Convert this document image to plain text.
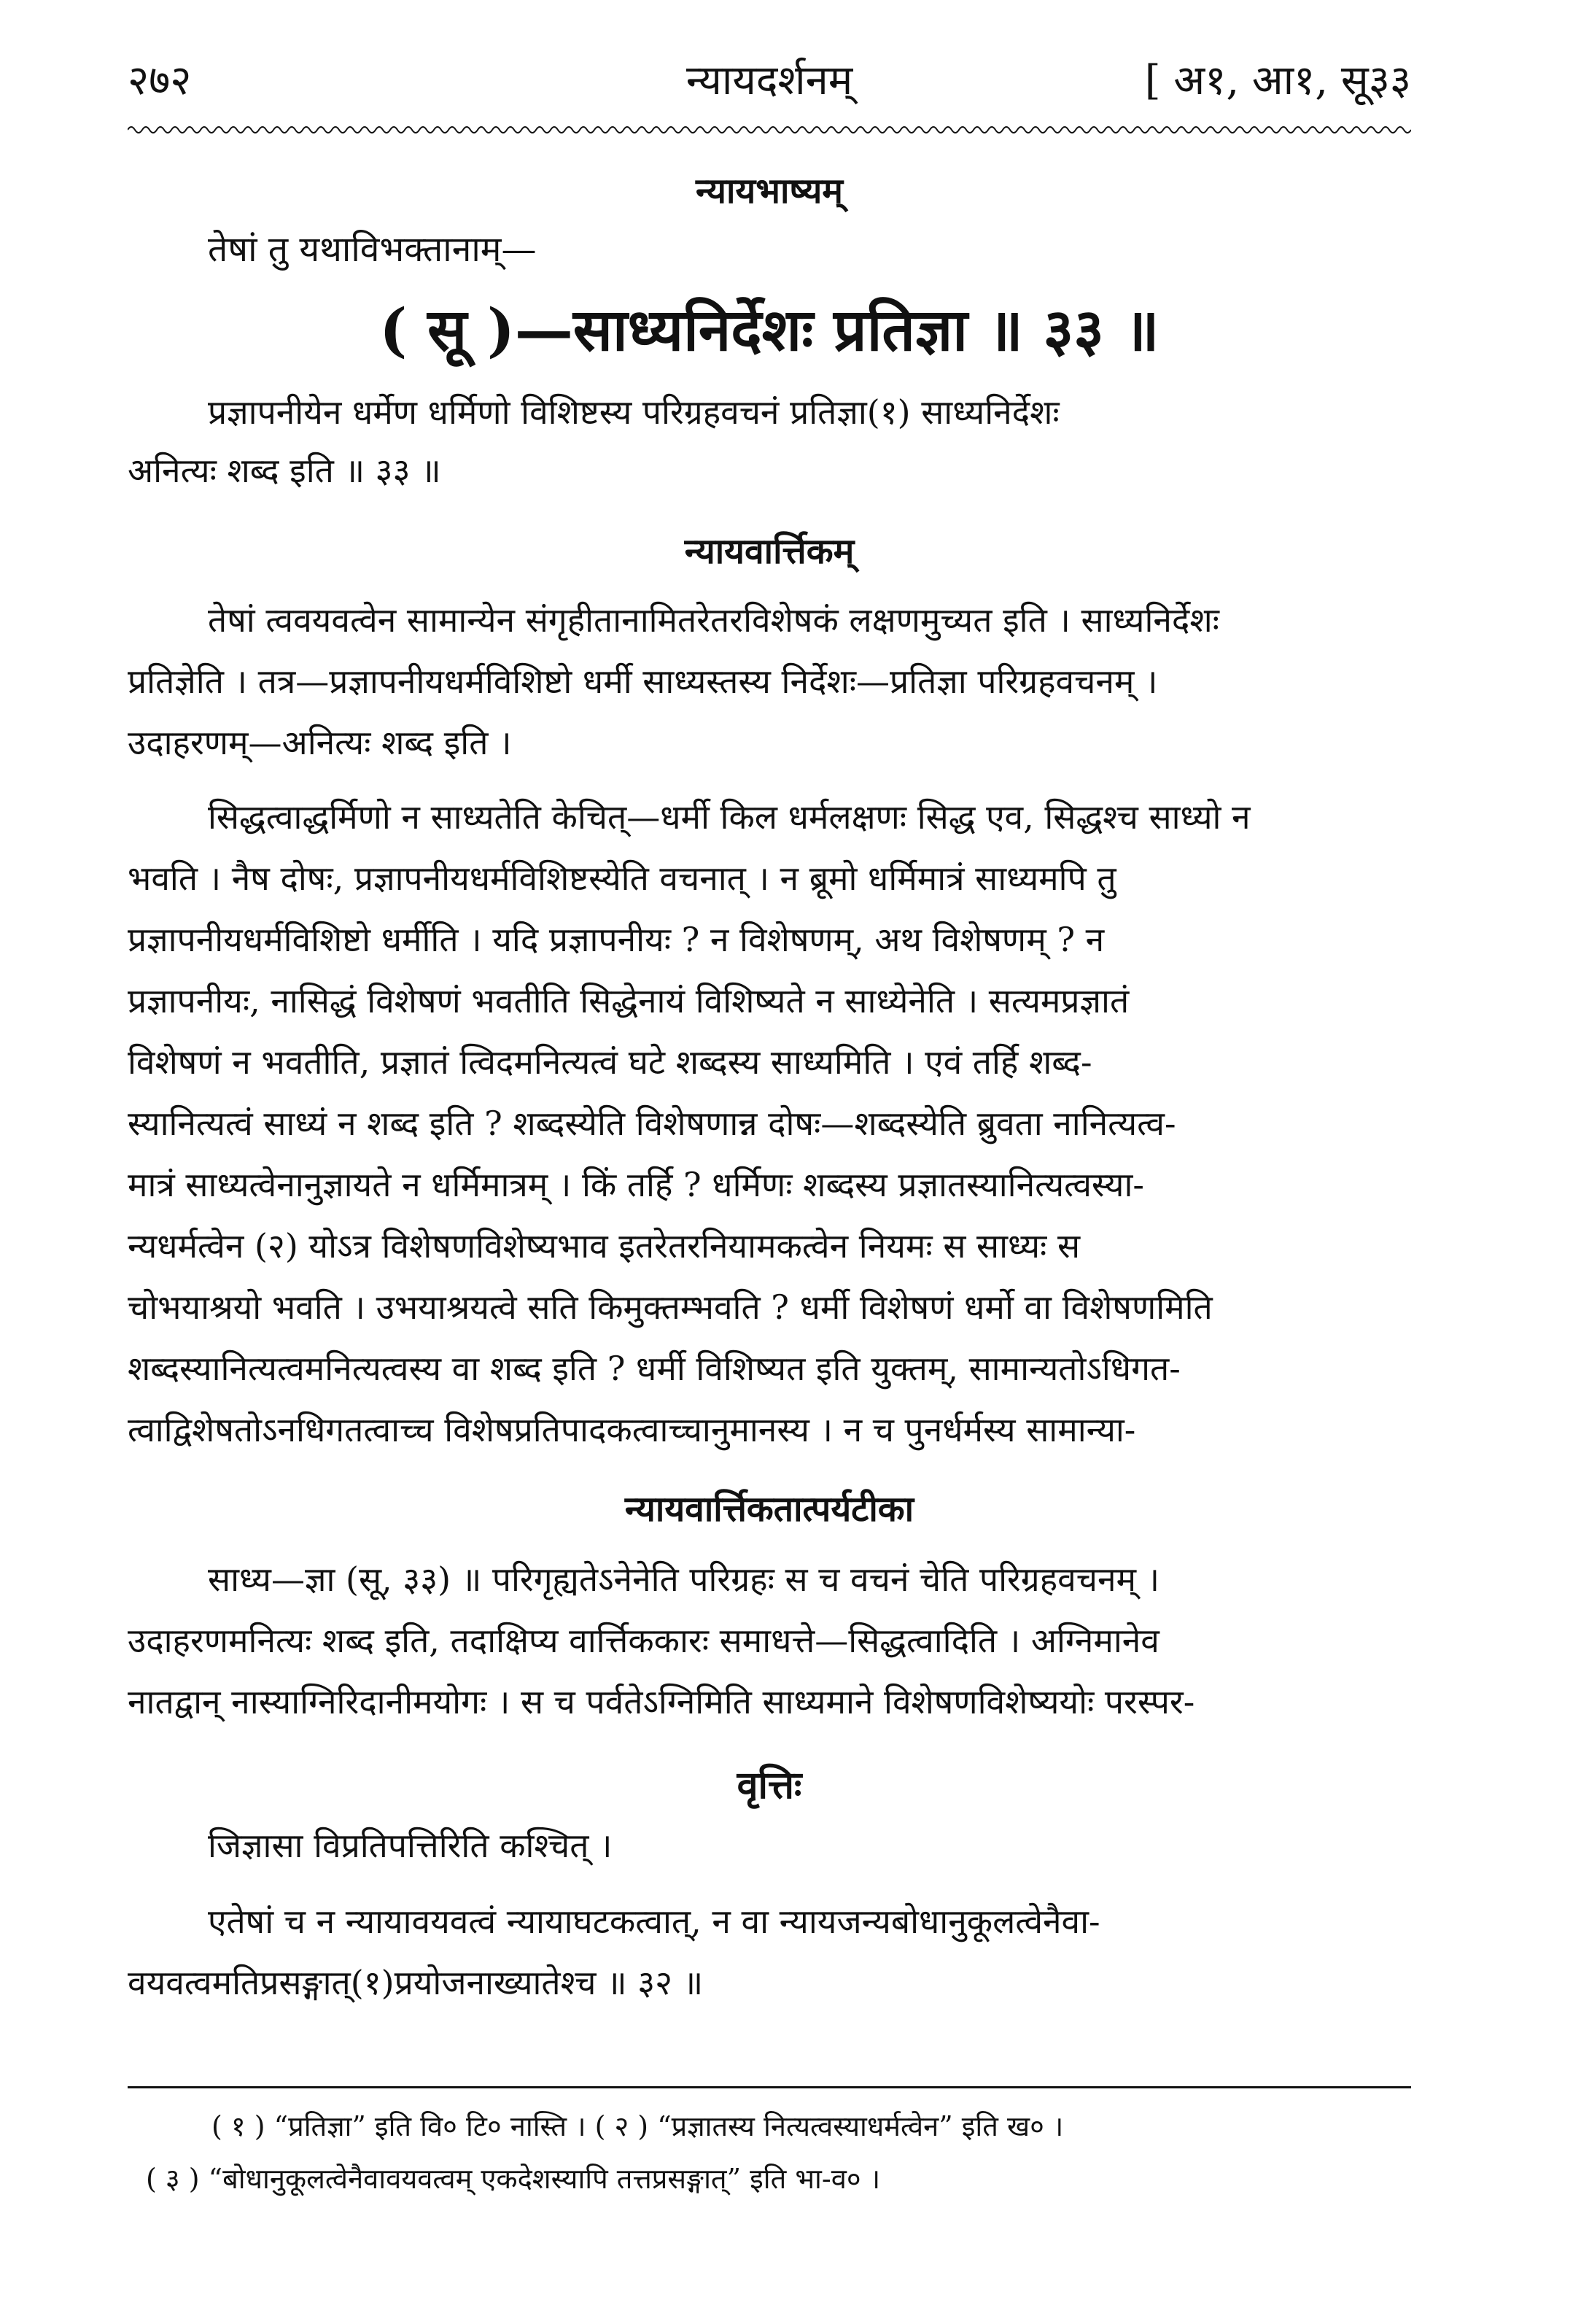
२७२	न्यायदर्शनम्	[ अ१, आ१, सू३३
न्यायभाष्यम्
तेषां तु यथाविभक्तानाम्—
( सू )—साध्यनिर्देशः प्रतिज्ञा ॥ ३३ ॥
प्रज्ञापनीयेन धर्मेण धर्मिणो विशिष्टस्य परिग्रहवचनं प्रतिज्ञा(१) साध्यनिर्देशः
अनित्यः शब्द इति ॥ ३३ ॥
न्यायवार्त्तिकम्
तेषां त्ववयवत्वेन सामान्येन संगृहीतानामितरेतरविशेषकं लक्षणमुच्यत इति । साध्यनिर्देशः
प्रतिज्ञेति । तत्र—प्रज्ञापनीयधर्मविशिष्टो धर्मी साध्यस्तस्य निर्देशः—प्रतिज्ञा परिग्रहवचनम् ।
उदाहरणम्—अनित्यः शब्द इति ।
सिद्धत्वाद्धर्मिणो न साध्यतेति केचित्—धर्मी किल धर्मलक्षणः सिद्ध एव, सिद्धश्च साध्यो न
भवति । नैष दोषः, प्रज्ञापनीयधर्मविशिष्टस्येति वचनात् । न ब्रूमो धर्मिमात्रं साध्यमपि तु
प्रज्ञापनीयधर्मविशिष्टो धर्मीति । यदि प्रज्ञापनीयः ? न विशेषणम्, अथ विशेषणम् ? न
प्रज्ञापनीयः, नासिद्धं विशेषणं भवतीति सिद्धेनायं विशिष्यते न साध्येनेति । सत्यमप्रज्ञातं
विशेषणं न भवतीति, प्रज्ञातं त्विदमनित्यत्वं घटे शब्दस्य साध्यमिति । एवं तर्हि शब्द-
स्यानित्यत्वं साध्यं न शब्द इति ? शब्दस्येति विशेषणान्न दोषः—शब्दस्येति ब्रुवता नानित्यत्व-
मात्रं साध्यत्वेनानुज्ञायते न धर्मिमात्रम् । किं तर्हि ? धर्मिणः शब्दस्य प्रज्ञातस्यानित्यत्वस्या-
न्यधर्मत्वेन (२) योऽत्र विशेषणविशेष्यभाव इतरेतरनियामकत्वेन नियमः स साध्यः स
चोभयाश्रयो भवति । उभयाश्रयत्वे सति किमुक्तम्भवति ? धर्मी विशेषणं धर्मो वा विशेषणमिति
शब्दस्यानित्यत्वमनित्यत्वस्य वा शब्द इति ? धर्मी विशिष्यत इति युक्तम्, सामान्यतोऽधिगत-
त्वाद्विशेषतोऽनधिगतत्वाच्च विशेषप्रतिपादकत्वाच्चानुमानस्य । न च पुनर्धर्मस्य सामान्या-
न्यायवार्त्तिकतात्पर्यटीका
साध्य—ज्ञा (सू, ३३) ॥ परिगृह्यतेऽनेनेति परिग्रहः स च वचनं चेति परिग्रहवचनम् ।
उदाहरणमनित्यः शब्द इति, तदाक्षिप्य वार्त्तिककारः समाधत्ते—सिद्धत्वादिति । अग्निमानेव
नातद्वान् नास्याग्निरिदानीमयोगः । स च पर्वतेऽग्निमिति साध्यमाने विशेषणविशेष्ययोः परस्पर-
वृत्तिः
जिज्ञासा विप्रतिपत्तिरिति कश्चित् ।
एतेषां च न न्यायावयवत्वं न्यायाघटकत्वात्, न वा न्यायजन्यबोधानुकूलत्वेनैवा-
वयवत्वमतिप्रसङ्गात्(१)प्रयोजनाख्यातेश्च ॥ ३२ ॥
( १ ) “प्रतिज्ञा” इति वि० टि० नास्ति । ( २ ) “प्रज्ञातस्य नित्यत्वस्याधर्मत्वेन” इति ख० ।
( ३ ) “बोधानुकूलत्वेनैवावयवत्वम् एकदेशस्यापि तत्तप्रसङ्गात्” इति भा-व० ।
